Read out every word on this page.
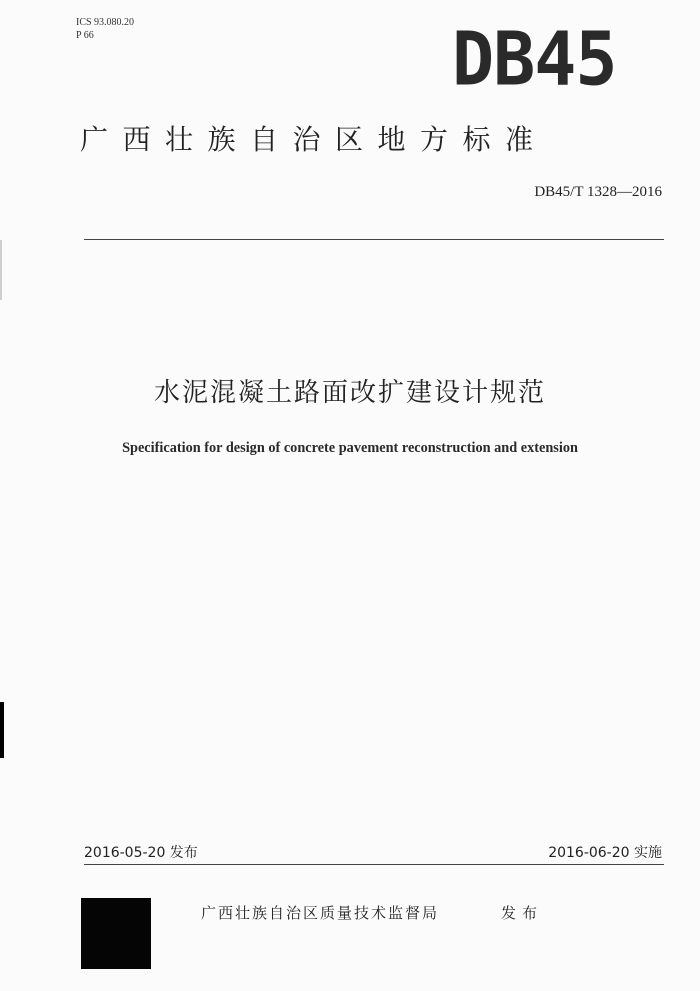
ICS 93.080.20
P 66	DB45
广西壮族自治区地方标准
DB45/T 1328—2016
水泥混凝土路面改扩建设计规范
Specification for design of concrete pavement reconstruction and extension
2016-05-20 发布	2016-06-20 实施
广西壮族自治区质量技术监督局	发布
